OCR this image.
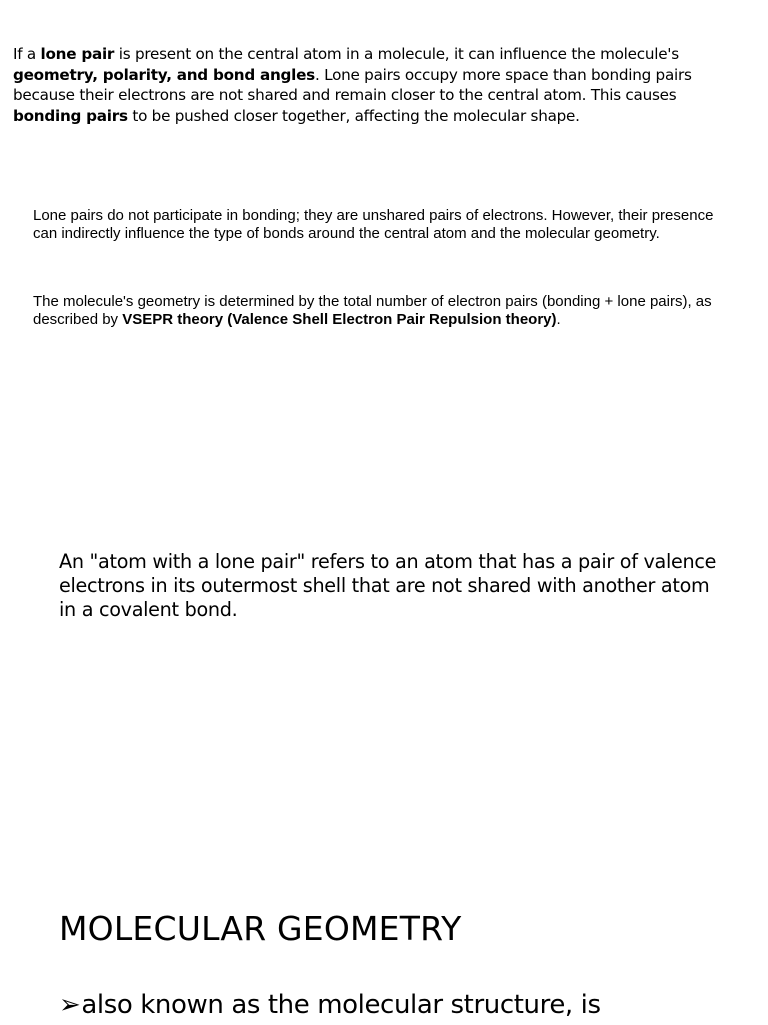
If a lone pair is present on the central atom in a molecule, it can influence the molecule's geometry, polarity, and bond angles. Lone pairs occupy more space than bonding pairs because their electrons are not shared and remain closer to the central atom. This causes bonding pairs to be pushed closer together, affecting the molecular shape.

Lone pairs do not participate in bonding; they are unshared pairs of electrons. However, their presence can indirectly influence the type of bonds around the central atom and the molecular geometry.

The molecule's geometry is determined by the total number of electron pairs (bonding + lone pairs), as described by VSEPR theory (Valence Shell Electron Pair Repulsion theory).

An "atom with a lone pair" refers to an atom that has a pair of valence electrons in its outermost shell that are not shared with another atom in a covalent bond.

MOLECULAR GEOMETRY
➢also known as the molecular structure, is
